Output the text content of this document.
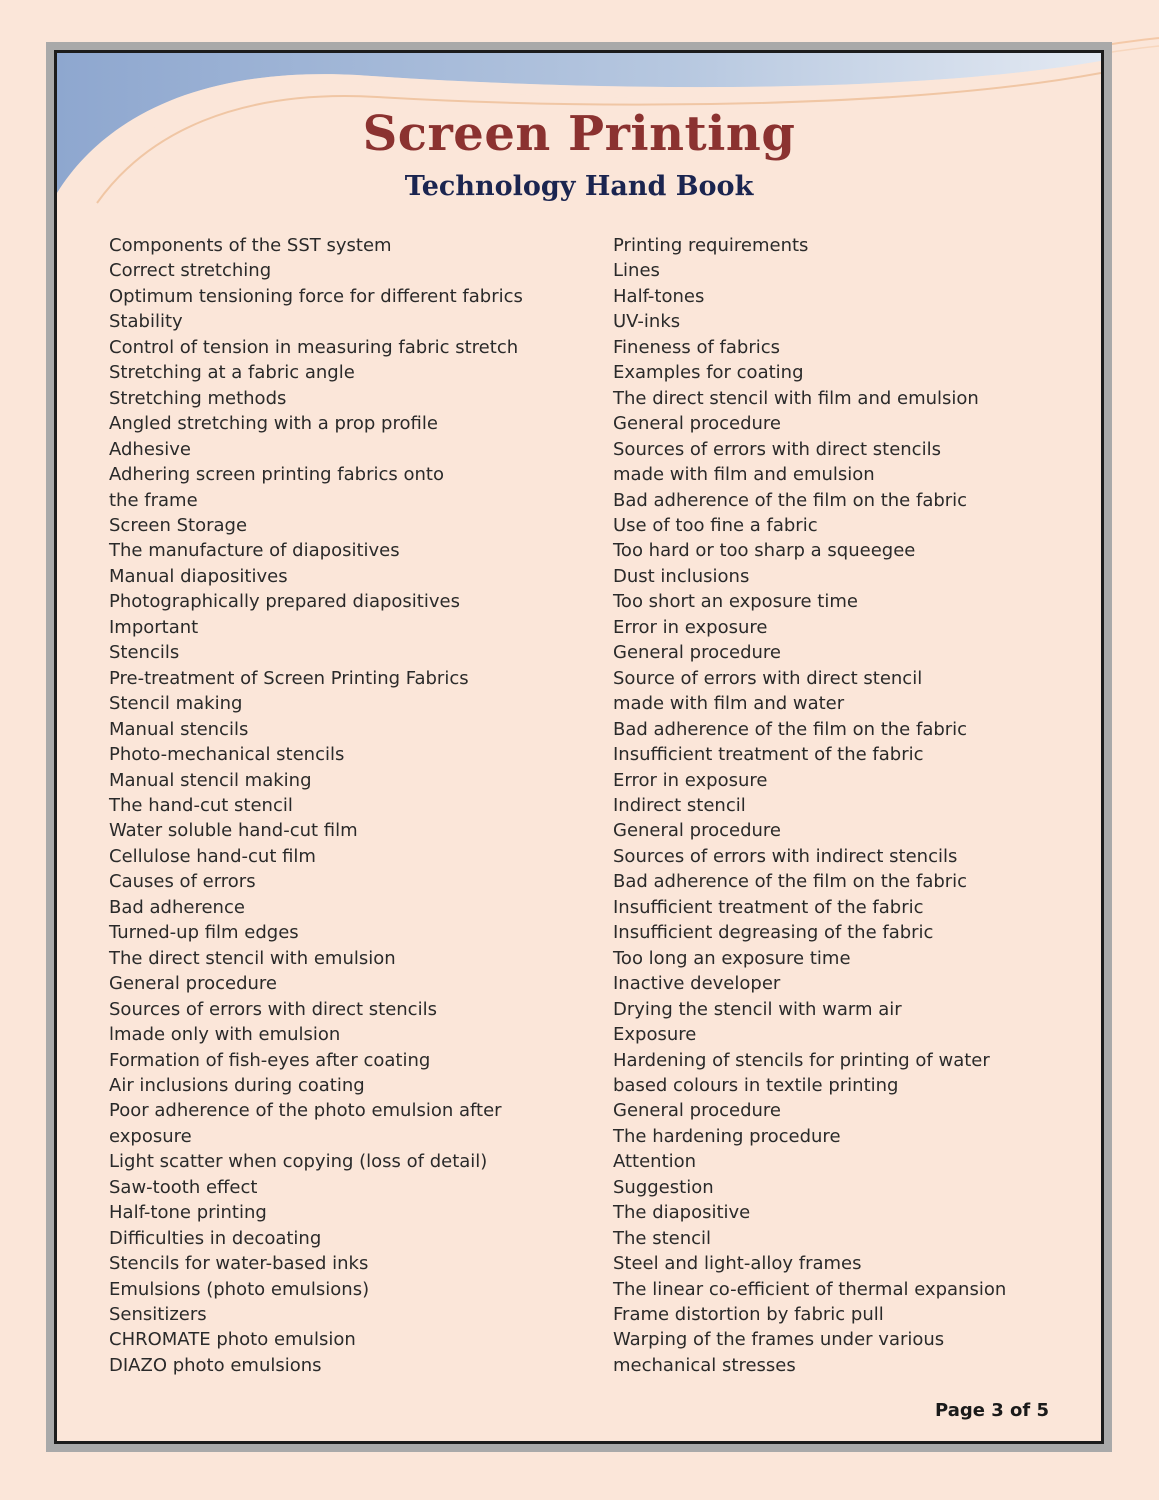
Screen Printing
Technology Hand Book
Components of the SST system
Correct stretching
Optimum tensioning force for different fabrics
Stability
Control of tension in measuring fabric stretch
Stretching at a fabric angle
Stretching methods
Angled stretching with a prop profile
Adhesive
Adhering screen printing fabrics onto
the frame
Screen Storage
The manufacture of diapositives
Manual diapositives
Photographically prepared diapositives
Important
Stencils
Pre-treatment of Screen Printing Fabrics
Stencil making
Manual stencils
Photo-mechanical stencils
Manual stencil making
The hand-cut stencil
Water soluble hand-cut film
Cellulose hand-cut film
Causes of errors
Bad adherence
Turned-up film edges
The direct stencil with emulsion
General procedure
Sources of errors with direct stencils
lmade only with emulsion
Formation of fish-eyes after coating
Air inclusions during coating
Poor adherence of the photo emulsion after
exposure
Light scatter when copying (loss of detail)
Saw-tooth effect
Half-tone printing
Difficulties in decoating
Stencils for water-based inks
Emulsions (photo emulsions)
Sensitizers
CHROMATE photo emulsion
DIAZO photo emulsions
Printing requirements
Lines
Half-tones
UV-inks
Fineness of fabrics
Examples for coating
The direct stencil with film and emulsion
General procedure
Sources of errors with direct stencils
made with film and emulsion
Bad adherence of the film on the fabric
Use of too fine a fabric
Too hard or too sharp a squeegee
Dust inclusions
Too short an exposure time
Error in exposure
General procedure
Source of errors with direct stencil
made with film and water
Bad adherence of the film on the fabric
Insufficient treatment of the fabric
Error in exposure
Indirect stencil
General procedure
Sources of errors with indirect stencils
Bad adherence of the film on the fabric
Insufficient treatment of the fabric
Insufficient degreasing of the fabric
Too long an exposure time
Inactive developer
Drying the stencil with warm air
Exposure
Hardening of stencils for printing of water
based colours in textile printing
General procedure
The hardening procedure
Attention
Suggestion
The diapositive
The stencil
Steel and light-alloy frames
The linear co-efficient of thermal expansion
Frame distortion by fabric pull
Warping of the frames under various
mechanical stresses
Page 3 of 5
